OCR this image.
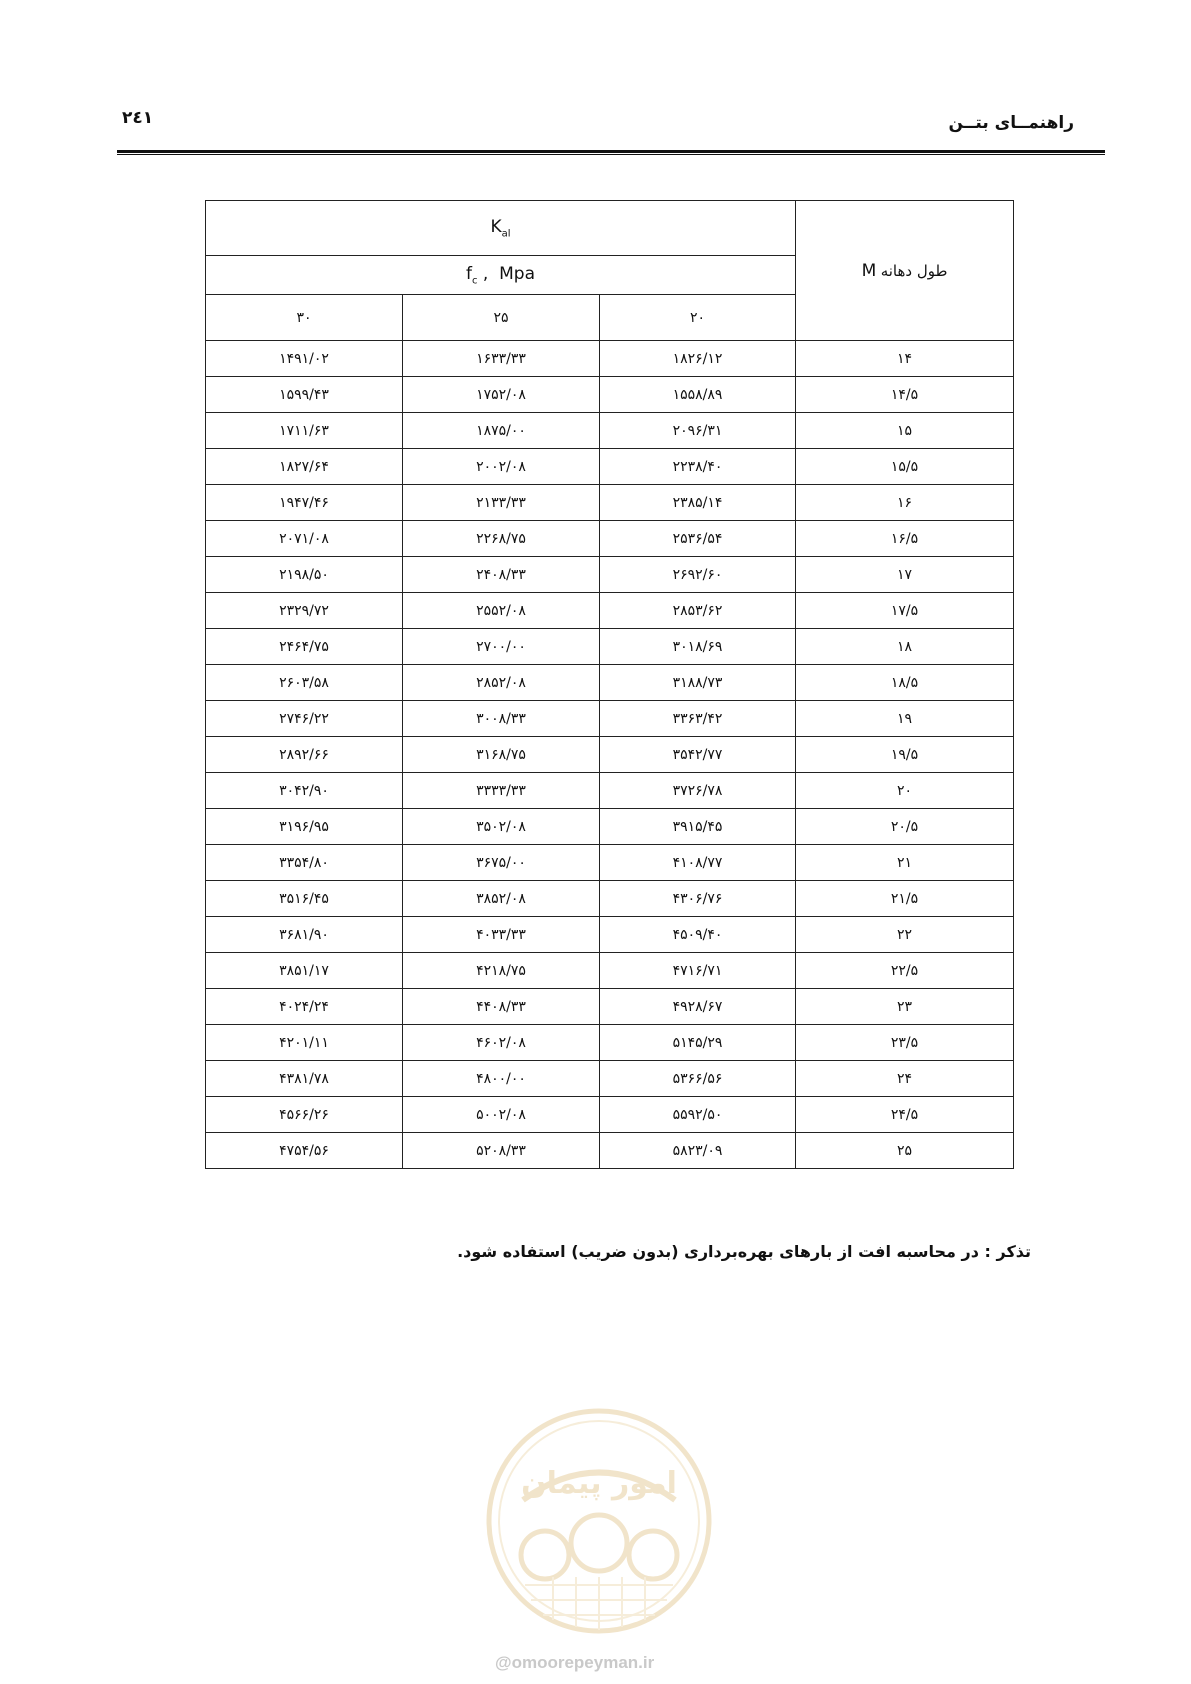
۲٤۱	راهنمــای بتــن
$K_{al}$			طول دهانه M
$f_c$ ,  Mpa			
۳۰	۲۵	۲۰	
۱۴۹۱/۰۲	۱۶۳۳/۳۳	۱۸۲۶/۱۲	۱۴
۱۵۹۹/۴۳	۱۷۵۲/۰۸	۱۵۵۸/۸۹	۱۴/۵
۱۷۱۱/۶۳	۱۸۷۵/۰۰	۲۰۹۶/۳۱	۱۵
۱۸۲۷/۶۴	۲۰۰۲/۰۸	۲۲۳۸/۴۰	۱۵/۵
۱۹۴۷/۴۶	۲۱۳۳/۳۳	۲۳۸۵/۱۴	۱۶
۲۰۷۱/۰۸	۲۲۶۸/۷۵	۲۵۳۶/۵۴	۱۶/۵
۲۱۹۸/۵۰	۲۴۰۸/۳۳	۲۶۹۲/۶۰	۱۷
۲۳۲۹/۷۲	۲۵۵۲/۰۸	۲۸۵۳/۶۲	۱۷/۵
۲۴۶۴/۷۵	۲۷۰۰/۰۰	۳۰۱۸/۶۹	۱۸
۲۶۰۳/۵۸	۲۸۵۲/۰۸	۳۱۸۸/۷۳	۱۸/۵
۲۷۴۶/۲۲	۳۰۰۸/۳۳	۳۳۶۳/۴۲	۱۹
۲۸۹۲/۶۶	۳۱۶۸/۷۵	۳۵۴۲/۷۷	۱۹/۵
۳۰۴۲/۹۰	۳۳۳۳/۳۳	۳۷۲۶/۷۸	۲۰
۳۱۹۶/۹۵	۳۵۰۲/۰۸	۳۹۱۵/۴۵	۲۰/۵
۳۳۵۴/۸۰	۳۶۷۵/۰۰	۴۱۰۸/۷۷	۲۱
۳۵۱۶/۴۵	۳۸۵۲/۰۸	۴۳۰۶/۷۶	۲۱/۵
۳۶۸۱/۹۰	۴۰۳۳/۳۳	۴۵۰۹/۴۰	۲۲
۳۸۵۱/۱۷	۴۲۱۸/۷۵	۴۷۱۶/۷۱	۲۲/۵
۴۰۲۴/۲۴	۴۴۰۸/۳۳	۴۹۲۸/۶۷	۲۳
۴۲۰۱/۱۱	۴۶۰۲/۰۸	۵۱۴۵/۲۹	۲۳/۵
۴۳۸۱/۷۸	۴۸۰۰/۰۰	۵۳۶۶/۵۶	۲۴
۴۵۶۶/۲۶	۵۰۰۲/۰۸	۵۵۹۲/۵۰	۲۴/۵
۴۷۵۴/۵۶	۵۲۰۸/۳۳	۵۸۲۳/۰۹	۲۵
تذکر : در محاسبه افت از بارهای بهره‌برداری (بدون ضریب) استفاده شود.
امور پیمان
@omoorepeyman.ir
